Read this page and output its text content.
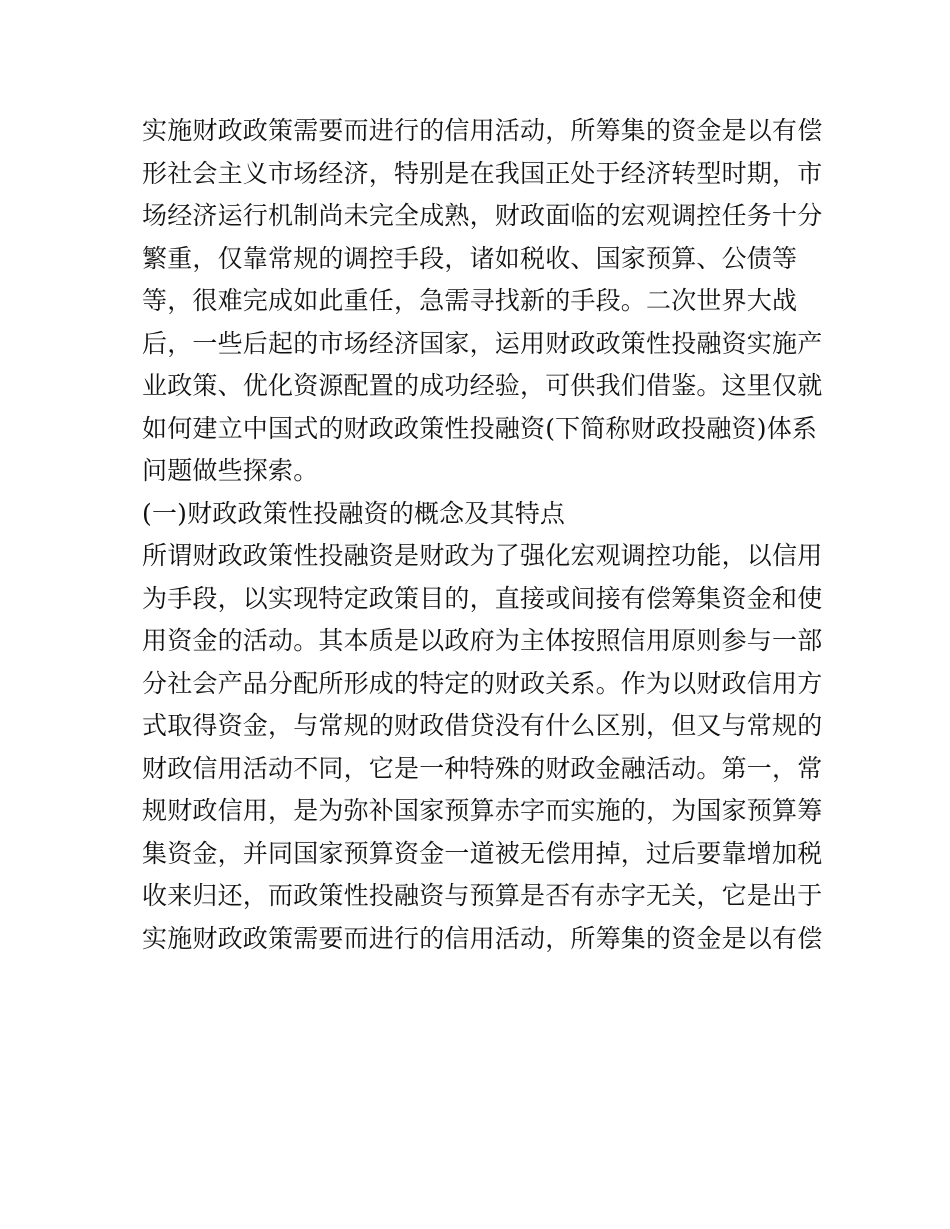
实施财政政策需要而进行的信用活动，所筹集的资金是以有偿
形社会主义市场经济，特别是在我国正处于经济转型时期，市
场经济运行机制尚未完全成熟，财政面临的宏观调控任务十分
繁重，仅靠常规的调控手段，诸如税收、国家预算、公债等
等，很难完成如此重任，急需寻找新的手段。二次世界大战
后，一些后起的市场经济国家，运用财政政策性投融资实施产
业政策、优化资源配置的成功经验，可供我们借鉴。这里仅就
如何建立中国式的财政政策性投融资(下简称财政投融资)体系
问题做些探索。
(一)财政政策性投融资的概念及其特点
所谓财政政策性投融资是财政为了强化宏观调控功能，以信用
为手段，以实现特定政策目的，直接或间接有偿筹集资金和使
用资金的活动。其本质是以政府为主体按照信用原则参与一部
分社会产品分配所形成的特定的财政关系。作为以财政信用方
式取得资金，与常规的财政借贷没有什么区别，但又与常规的
财政信用活动不同，它是一种特殊的财政金融活动。第一，常
规财政信用，是为弥补国家预算赤字而实施的，为国家预算筹
集资金，并同国家预算资金一道被无偿用掉，过后要靠增加税
收来归还，而政策性投融资与预算是否有赤字无关，它是出于
实施财政政策需要而进行的信用活动，所筹集的资金是以有偿
